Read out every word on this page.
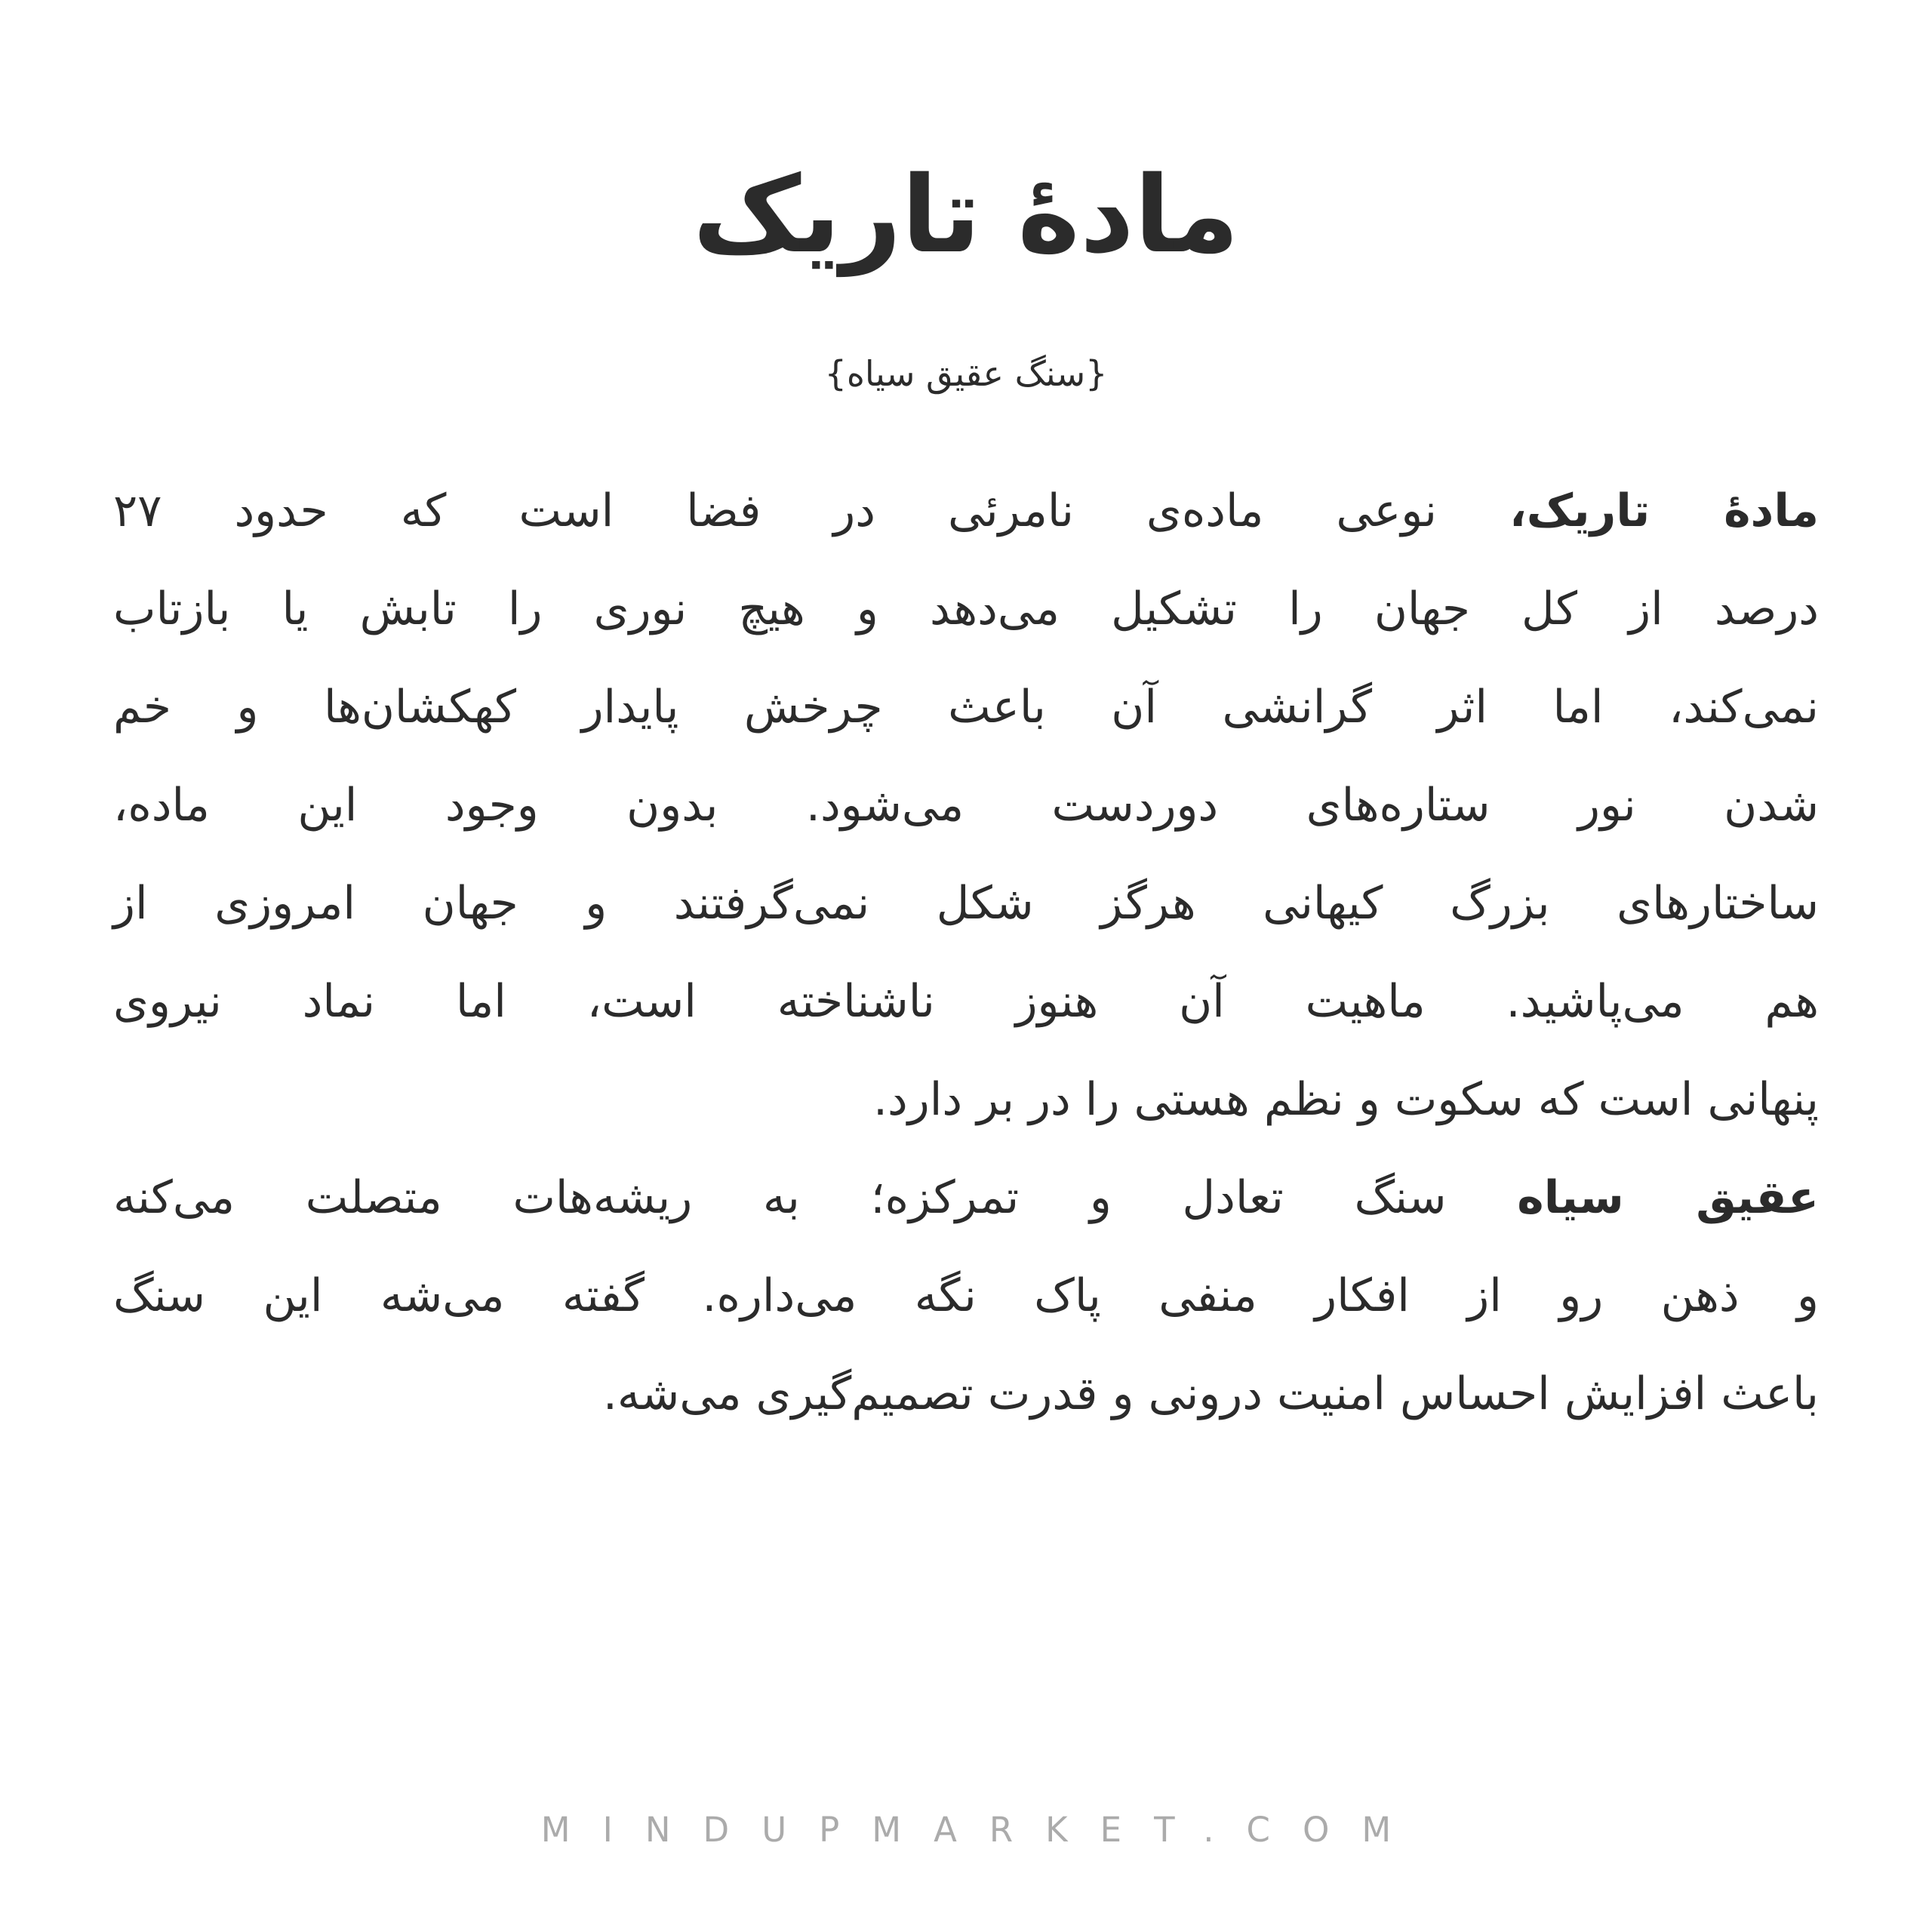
مادهٔ تاریک
{سنگ عقیق سیاه}

مادهٔ تاریک، نوعی ماده‌ی نامرئی در فضا است که حدود ۲۷

درصد از کل جهان را تشکیل می‌دهد و هیچ نوری را تابش یا بازتاب

نمی‌کند، اما اثر گرانشی آن باعث چرخش پایدار کهکشان‌ها و خم

شدن نور ستاره‌های دوردست می‌شود. بدون وجود این ماده،

ساختارهای بزرگ کیهانی هرگز شکل نمی‌گرفتند و جهان امروزی از

هم می‌پاشید. ماهیت آن هنوز ناشناخته است، اما نماد نیروی

پنهانی است که سکوت و نظم هستی را در بر دارد.

عقیق سیاه سنگ تعادل و تمرکزه؛ به ریشه‌هات متصلت می‌کنه

و ذهن رو از افکار منفی پاک نگه می‌داره. گفته می‌شه این سنگ

باعث افزایش احساس امنیت درونی و قدرت تصمیم‌گیری می‌شه.

MINDUPMARKET.COM
